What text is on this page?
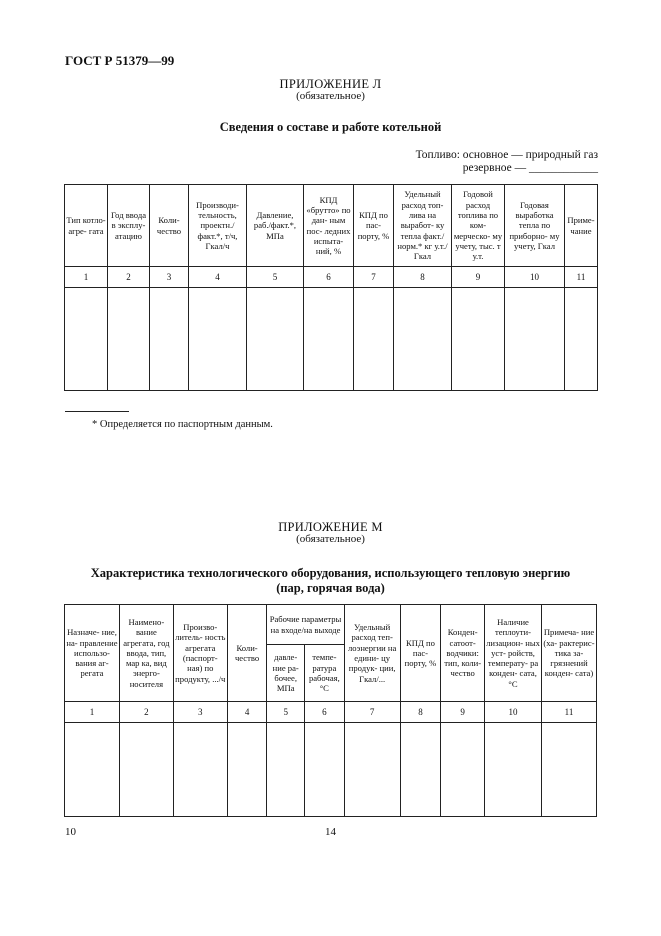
ГОСТ Р 51379—99
ПРИЛОЖЕНИЕ Л
(обязательное)
Сведения о составе и работе котельной
Топливо: основное — природный газ
резервное — ____________
Тип котло- агре- гата	Год ввода в эксплу- атацию	Коли- чество	Производи- тельность, проектн./ факт.*, т/ч, Гкал/ч	Давление, раб./факт.*, МПа	КПД «брутто» по дан- ным пос- ледних испыта- ний, %	КПД по пас- порту, %	Удельный расход топ- лива на выработ- ку тепла факт./норм.* кг у.т./Гкал	Годовой расход топлива по ком- мерческо- му учету, тыс. т у.т.	Годовая выработка тепла по приборно- му учету, Гкал	Приме- чание
1	2	3	4	5	6	7	8	9	10	11

* Определяется по паспортным данным.
ПРИЛОЖЕНИЕ М
(обязательное)
Характеристика технологического оборудования, использующего тепловую энергию
(пар, горячая вода)
Назначе- ние, на- правление использо- вания аг- регата	Наимено- вание агрегата, год ввода, тип, мар ка, вид энерго- носителя	Произво- литель- ность агрегата (паспорт- ная) по продукту, .../ч	Коли- чество	Рабочие параметры на входе/на выходе		Удельный расход теп- лоэнергии на едини- цу продук- ции, Гкал/...	КПД по пас- порту, %	Конден- сатоот- водчики: тип, коли- чество	Наличие теплоути- лизацион- ных уст- ройств, температу- ра конден- сата, °С	Примеча- ние (ха- рактерис- тика за- грязнений конден- сата)
				давле- ние ра- бочее, МПа	темпе- ратура рабочая, °С					
1	2	3	4	5	6	7	8	9	10	11

10	14
